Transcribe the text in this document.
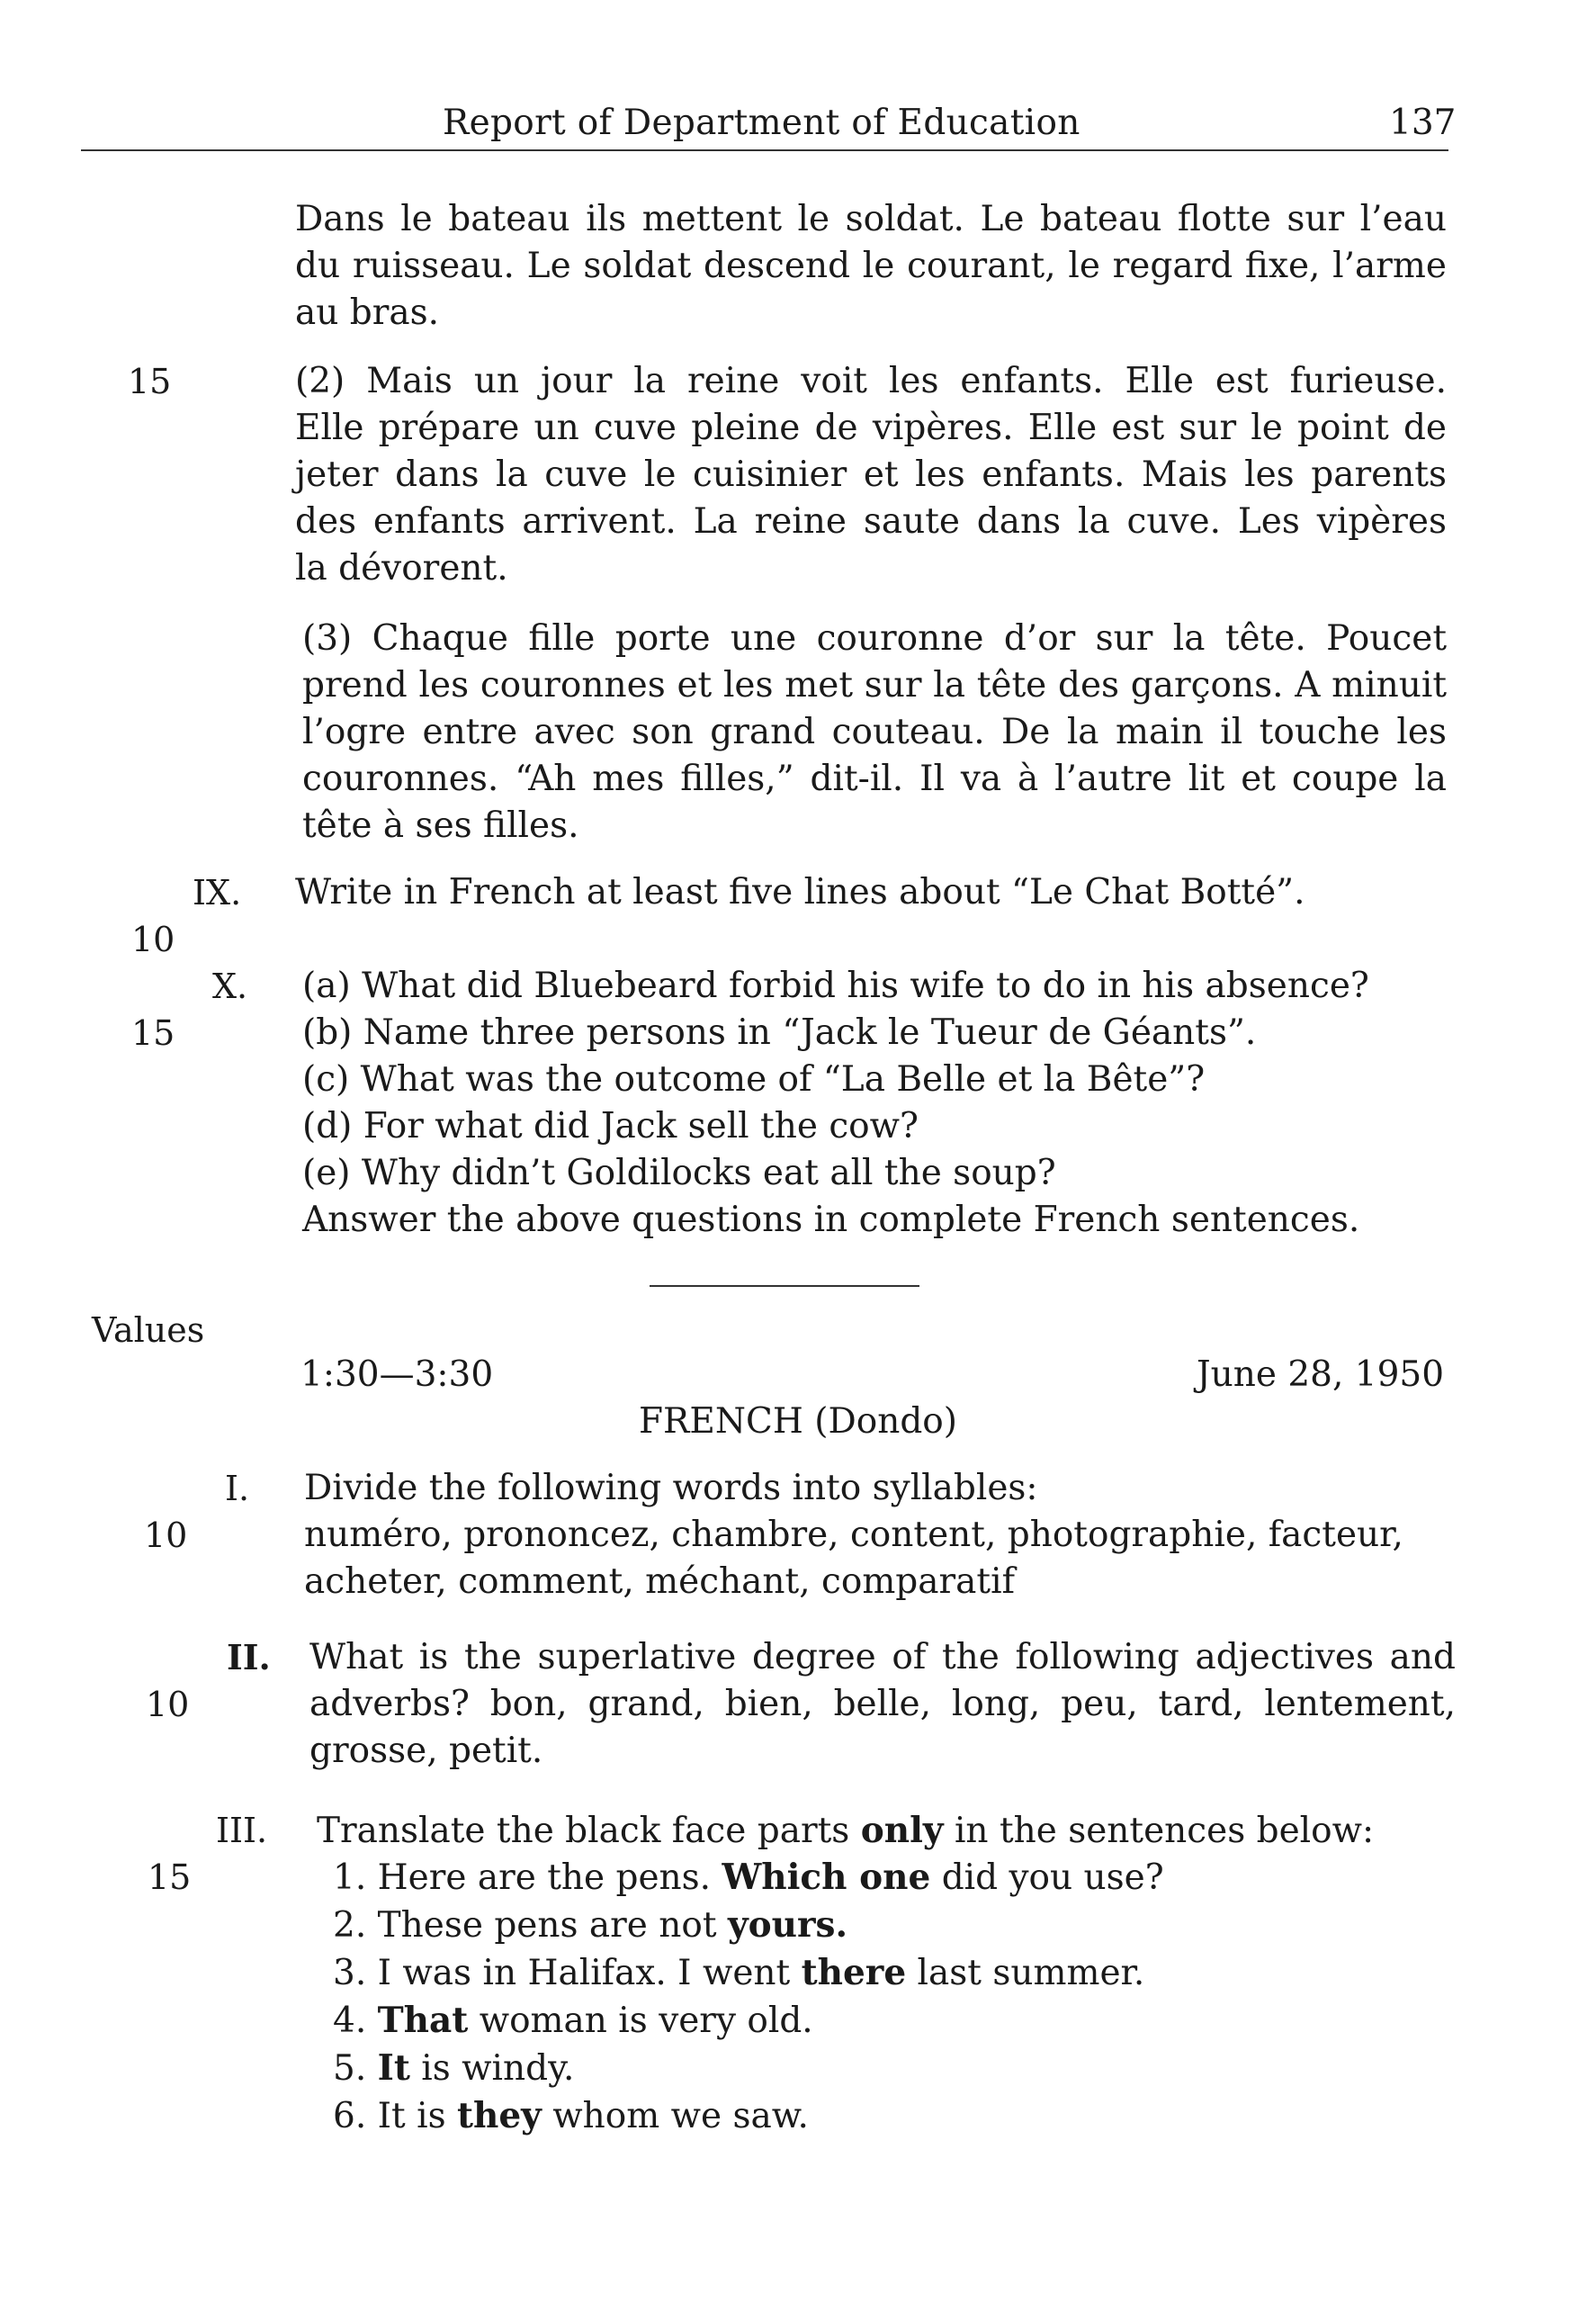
Report of Department of Education	137
Dans le bateau ils mettent le soldat. Le bateau flotte sur l’eau
du ruisseau. Le soldat descend le courant, le regard fixe, l’arme
au bras.
15	(2) Mais un jour la reine voit les enfants. Elle est furieuse.
Elle prépare un cuve pleine de vipères. Elle est sur le point de
jeter dans la cuve le cuisinier et les enfants. Mais les parents
des enfants arrivent. La reine saute dans la cuve. Les vipères
la dévorent.
(3) Chaque fille porte une couronne d’or sur la tête. Poucet
prend les couronnes et les met sur la tête des garçons. A minuit
l’ogre entre avec son grand couteau. De la main il touche les
couronnes. “Ah mes filles,” dit-il. Il va à l’autre lit et coupe la
tête à ses filles.
IX. Write in French at least five lines about “Le Chat Botté”.
10
X.
15
(a) What did Bluebeard forbid his wife to do in his absence?
(b) Name three persons in “Jack le Tueur de Géants”.
(c) What was the outcome of “La Belle et la Bête”?
(d) For what did Jack sell the cow?
(e) Why didn’t Goldilocks eat all the soup?
Answer the above questions in complete French sentences.
Values
1:30—3:30	June 28, 1950
FRENCH (Dondo)
I.
10
Divide the following words into syllables:
numéro, prononcez, chambre, content, photographie, facteur,
acheter, comment, méchant, comparatif
II.
10
What is the superlative degree of the following adjectives and
adverbs? bon, grand, bien, belle, long, peu, tard, lentement,
grosse, petit.
III.
15
Translate the black face parts only in the sentences below:
1. Here are the pens. Which one did you use?
2. These pens are not yours.
3. I was in Halifax. I went there last summer.
4. That woman is very old.
5. It is windy.
6. It is they whom we saw.
